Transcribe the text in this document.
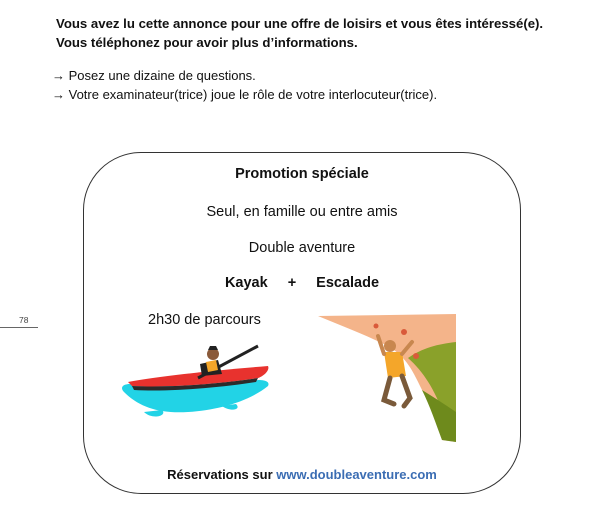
Vous avez lu cette annonce pour une offre de loisirs et vous êtes intéressé(e).
Vous téléphonez pour avoir plus d’informations.
→ Posez une dizaine de questions.
→ Votre examinateur(trice) joue le rôle de votre interlocuteur(trice).
78
Promotion spéciale
Seul, en famille ou entre amis
Double aventure
Kayak + Escalade
2h30 de parcours
Réservations sur www.doubleaventure.com
